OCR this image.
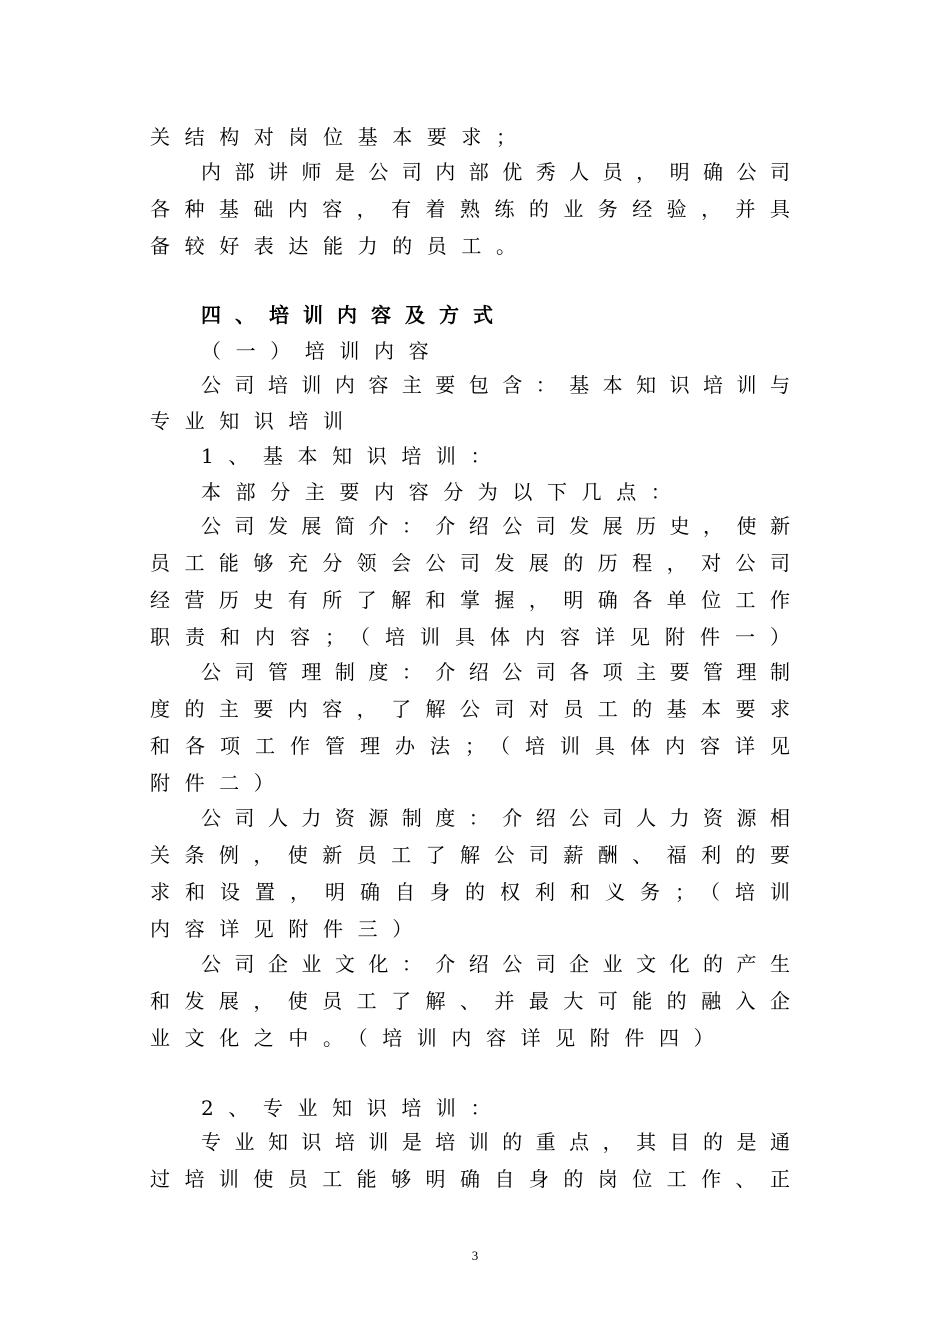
关结构对岗位基本要求；
内部讲师是公司内部优秀人员，明确公司
各种基础内容，有着熟练的业务经验，并具
备较好表达能力的员工。
四、培训内容及方式
（一）培训内容
公司培训内容主要包含：基本知识培训与
专业知识培训
1、基本知识培训：
本部分主要内容分为以下几点：
公司发展简介：介绍公司发展历史，使新
员工能够充分领会公司发展的历程，对公司
经营历史有所了解和掌握，明确各单位工作
职责和内容；（培训具体内容详见附件一）
公司管理制度：介绍公司各项主要管理制
度的主要内容，了解公司对员工的基本要求
和各项工作管理办法；（培训具体内容详见
附件二）
公司人力资源制度：介绍公司人力资源相
关条例，使新员工了解公司薪酬、福利的要
求和设置，明确自身的权利和义务；（培训
内容详见附件三）
公司企业文化：介绍公司企业文化的产生
和发展，使员工了解、并最大可能的融入企
业文化之中。（培训内容详见附件四）
2、专业知识培训：
专业知识培训是培训的重点，其目的是通
过培训使员工能够明确自身的岗位工作、正
3
